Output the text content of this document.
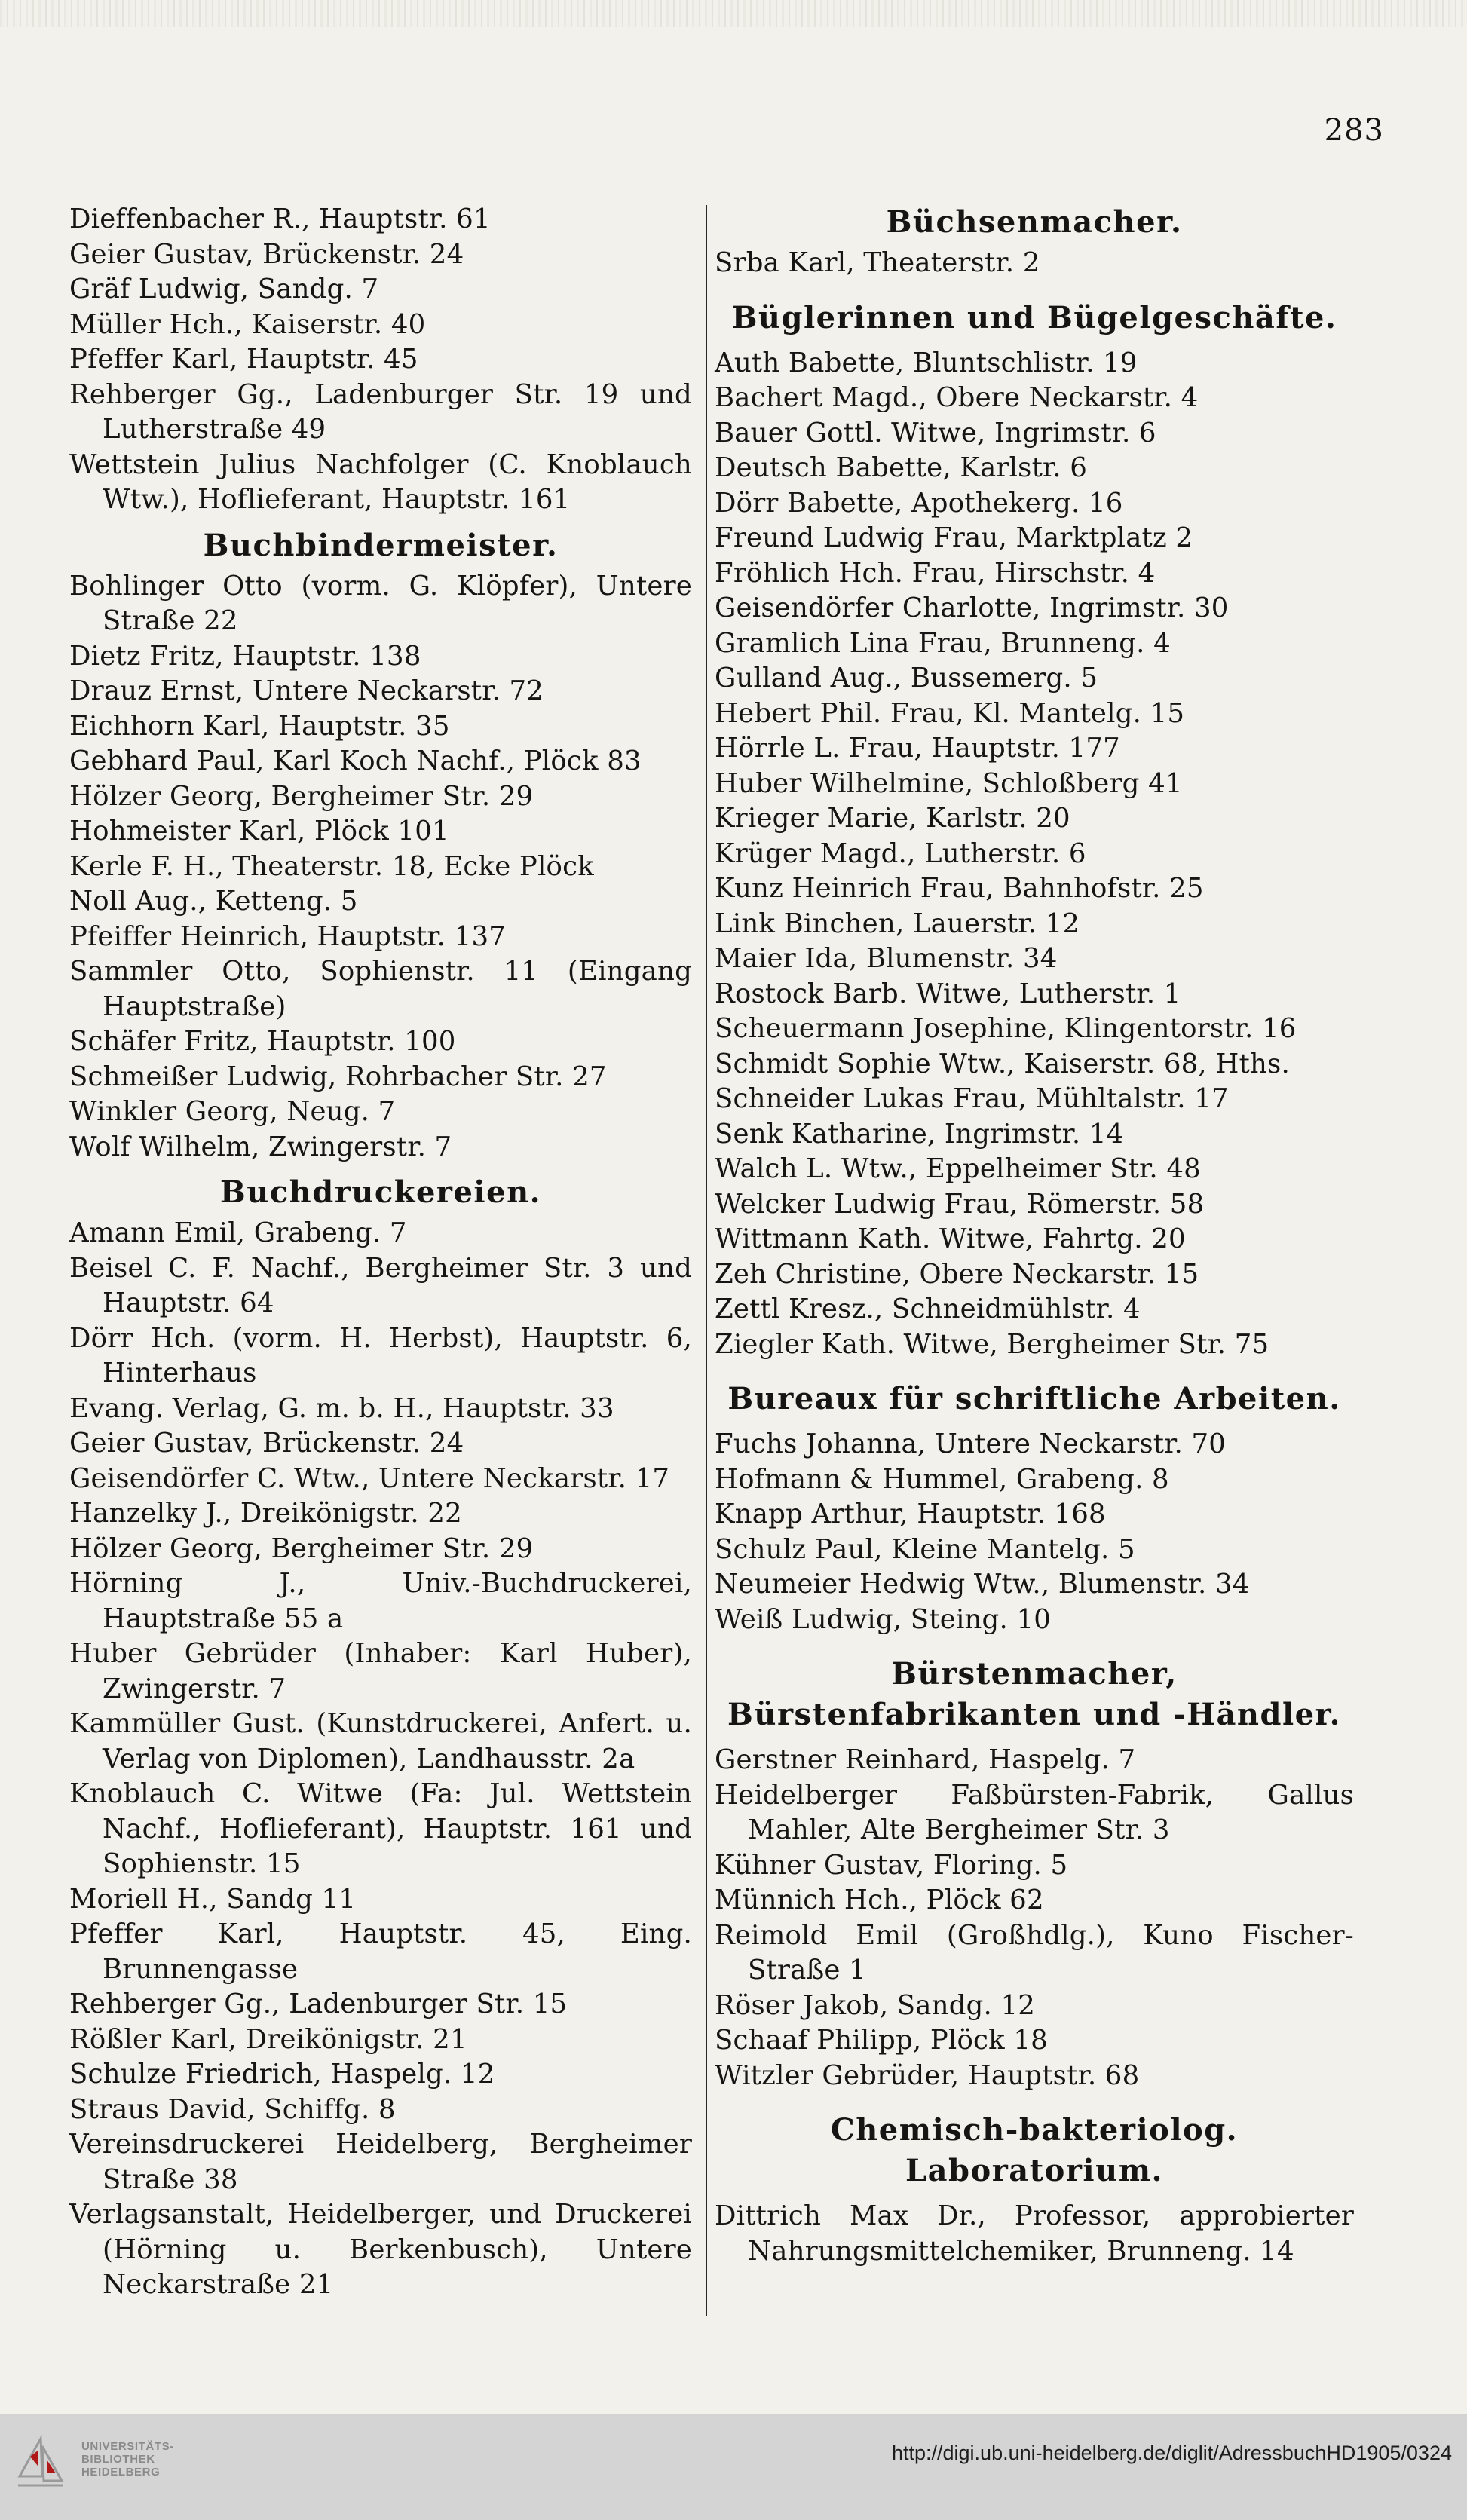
283
Dieffenbacher R., Hauptstr. 61
Geier Gustav, Brückenstr. 24
Gräf Ludwig, Sandg. 7
Müller Hch., Kaiserstr. 40
Pfeffer Karl, Hauptstr. 45
Rehberger Gg., Ladenburger Str. 19 und Lutherstraße 49
Wettstein Julius Nachfolger (C. Knoblauch Wtw.), Hoflieferant, Hauptstr. 161
Buchbindermeister.
Bohlinger Otto (vorm. G. Klöpfer), Untere Straße 22
Dietz Fritz, Hauptstr. 138
Drauz Ernst, Untere Neckarstr. 72
Eichhorn Karl, Hauptstr. 35
Gebhard Paul, Karl Koch Nachf., Plöck 83
Hölzer Georg, Bergheimer Str. 29
Hohmeister Karl, Plöck 101
Kerle F. H., Theaterstr. 18, Ecke Plöck
Noll Aug., Ketteng. 5
Pfeiffer Heinrich, Hauptstr. 137
Sammler Otto, Sophienstr. 11 (Eingang Hauptstraße)
Schäfer Fritz, Hauptstr. 100
Schmeißer Ludwig, Rohrbacher Str. 27
Winkler Georg, Neug. 7
Wolf Wilhelm, Zwingerstr. 7
Buchdruckereien.
Amann Emil, Grabeng. 7
Beisel C. F. Nachf., Bergheimer Str. 3 und Hauptstr. 64
Dörr Hch. (vorm. H. Herbst), Hauptstr. 6, Hinterhaus
Evang. Verlag, G. m. b. H., Hauptstr. 33
Geier Gustav, Brückenstr. 24
Geisendörfer C. Wtw., Untere Neckarstr. 17
Hanzelky J., Dreikönigstr. 22
Hölzer Georg, Bergheimer Str. 29
Hörning J., Univ.-Buchdruckerei, Hauptstraße 55 a
Huber Gebrüder (Inhaber: Karl Huber), Zwingerstr. 7
Kammüller Gust. (Kunstdruckerei, Anfert. u. Verlag von Diplomen), Landhausstr. 2a
Knoblauch C. Witwe (Fa: Jul. Wettstein Nachf., Hoflieferant), Hauptstr. 161 und Sophienstr. 15
Moriell H., Sandg 11
Pfeffer Karl, Hauptstr. 45, Eing. Brunnengasse
Rehberger Gg., Ladenburger Str. 15
Rößler Karl, Dreikönigstr. 21
Schulze Friedrich, Haspelg. 12
Straus David, Schiffg. 8
Vereinsdruckerei Heidelberg, Bergheimer Straße 38
Verlagsanstalt, Heidelberger, und Druckerei (Hörning u. Berkenbusch), Untere Neckarstraße 21
Büchsenmacher.
Srba Karl, Theaterstr. 2
Büglerinnen und Bügelgeschäfte.
Auth Babette, Bluntschlistr. 19
Bachert Magd., Obere Neckarstr. 4
Bauer Gottl. Witwe, Ingrimstr. 6
Deutsch Babette, Karlstr. 6
Dörr Babette, Apothekerg. 16
Freund Ludwig Frau, Marktplatz 2
Fröhlich Hch. Frau, Hirschstr. 4
Geisendörfer Charlotte, Ingrimstr. 30
Gramlich Lina Frau, Brunneng. 4
Gulland Aug., Bussemerg. 5
Hebert Phil. Frau, Kl. Mantelg. 15
Hörrle L. Frau, Hauptstr. 177
Huber Wilhelmine, Schloßberg 41
Krieger Marie, Karlstr. 20
Krüger Magd., Lutherstr. 6
Kunz Heinrich Frau, Bahnhofstr. 25
Link Binchen, Lauerstr. 12
Maier Ida, Blumenstr. 34
Rostock Barb. Witwe, Lutherstr. 1
Scheuermann Josephine, Klingentorstr. 16
Schmidt Sophie Wtw., Kaiserstr. 68, Hths.
Schneider Lukas Frau, Mühltalstr. 17
Senk Katharine, Ingrimstr. 14
Walch L. Wtw., Eppelheimer Str. 48
Welcker Ludwig Frau, Römerstr. 58
Wittmann Kath. Witwe, Fahrtg. 20
Zeh Christine, Obere Neckarstr. 15
Zettl Kresz., Schneidmühlstr. 4
Ziegler Kath. Witwe, Bergheimer Str. 75
Bureaux für schriftliche Arbeiten.
Fuchs Johanna, Untere Neckarstr. 70
Hofmann & Hummel, Grabeng. 8
Knapp Arthur, Hauptstr. 168
Schulz Paul, Kleine Mantelg. 5
Neumeier Hedwig Wtw., Blumenstr. 34
Weiß Ludwig, Steing. 10
Bürstenmacher, Bürstenfabrikanten und -Händler.
Gerstner Reinhard, Haspelg. 7
Heidelberger Faßbürsten-Fabrik, Gallus Mahler, Alte Bergheimer Str. 3
Kühner Gustav, Floring. 5
Münnich Hch., Plöck 62
Reimold Emil (Großhdlg.), Kuno Fischer-Straße 1
Röser Jakob, Sandg. 12
Schaaf Philipp, Plöck 18
Witzler Gebrüder, Hauptstr. 68
Chemisch-bakteriolog. Laboratorium.
Dittrich Max Dr., Professor, approbierter Nahrungsmittelchemiker, Brunneng. 14
UNIVERSITÄTS-
BIBLIOTHEK
HEIDELBERG
http://digi.ub.uni-heidelberg.de/diglit/AdressbuchHD1905/0324
